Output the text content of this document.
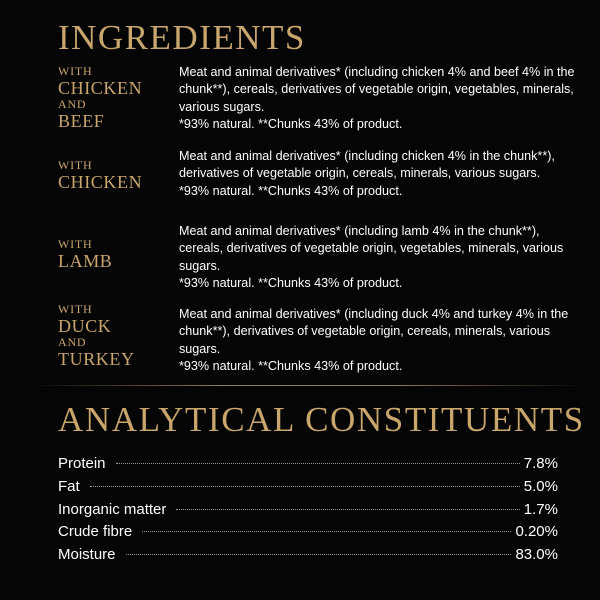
INGREDIENTS
WITH
CHICKEN
AND
BEEF

Meat and animal derivatives* (including chicken 4% and beef 4% in the chunk**), cereals, derivatives of vegetable origin, vegetables, minerals, various sugars.

*93% natural. **Chunks 43% of product.

WITH
CHICKEN

Meat and animal derivatives* (including chicken 4% in the chunk**), derivatives of vegetable origin, cereals, minerals, various sugars.

*93% natural. **Chunks 43% of product.

WITH
LAMB

Meat and animal derivatives* (including lamb 4% in the chunk**), cereals, derivatives of vegetable origin, vegetables, minerals, various sugars.

*93% natural. **Chunks 43% of product.

WITH
DUCK
AND
TURKEY

Meat and animal derivatives* (including duck 4% and turkey 4% in the chunk**), derivatives of vegetable origin, cereals, minerals, various sugars.

*93% natural. **Chunks 43% of product.

ANALYTICAL CONSTITUENTS
Protein	7.8%
Fat	5.0%
Inorganic matter	1.7%
Crude fibre	0.20%
Moisture	83.0%
